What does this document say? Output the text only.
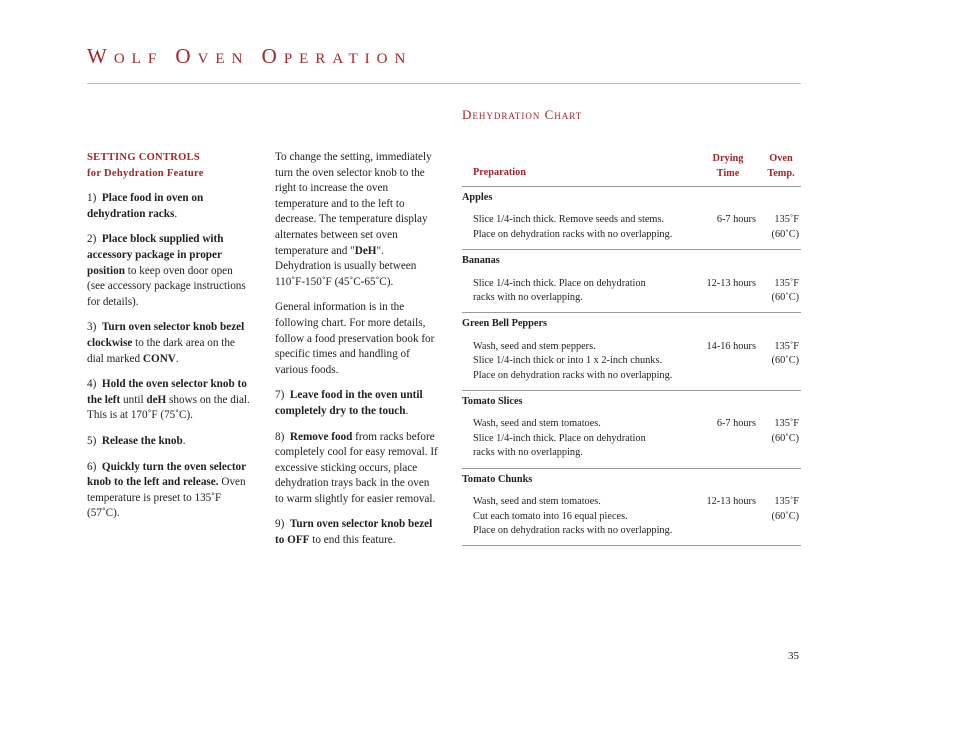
Wolf Oven Operation
Dehydration Chart

SETTING CONTROLS
for Dehydration Feature

1) Place food in oven on dehydration racks.

2) Place block supplied with accessory package in proper position to keep oven door open (see accessory package instructions for details).

3) Turn oven selector knob bezel clockwise to the dark area on the dial marked CONV.

4) Hold the oven selector knob to the left until deH shows on the dial. This is at 170˚F (75˚C).

5) Release the knob.

6) Quickly turn the oven selector knob to the left and release. Oven temperature is preset to 135˚F (57˚C).

To change the setting, immediately turn the oven selector knob to the right to increase the oven temperature and to the left to decrease. The temperature display alternates between set oven temperature and "DeH". Dehydration is usually between 110˚F-150˚F (45˚C-65˚C).

General information is in the following chart. For more details, follow a food preservation book for specific times and handling of various foods.

7) Leave food in the oven until completely dry to the touch.

8) Remove food from racks before completely cool for easy removal. If excessive sticking occurs, place dehydration trays back in the oven to warm slightly for easier removal.

9) Turn oven selector knob bezel to OFF to end this feature.

Preparation
Drying
Time
Oven
Temp.
Apples
Slice 1/4-inch thick. Remove seeds and stems.
Place on dehydration racks with no overlapping.
6-7 hours 135˚F
(60˚C)
Bananas
Slice 1/4-inch thick. Place on dehydration
racks with no overlapping.
12-13 hours 135˚F
(60˚C)
Green Bell Peppers
Wash, seed and stem peppers.
Slice 1/4-inch thick or into 1 x 2-inch chunks.
Place on dehydration racks with no overlapping.
14-16 hours 135˚F
(60˚C)
Tomato Slices
Wash, seed and stem tomatoes.
Slice 1/4-inch thick. Place on dehydration
racks with no overlapping.
6-7 hours 135˚F
(60˚C)
Tomato Chunks
Wash, seed and stem tomatoes.
Cut each tomato into 16 equal pieces.
Place on dehydration racks with no overlapping.
12-13 hours 135˚F
(60˚C)
35
